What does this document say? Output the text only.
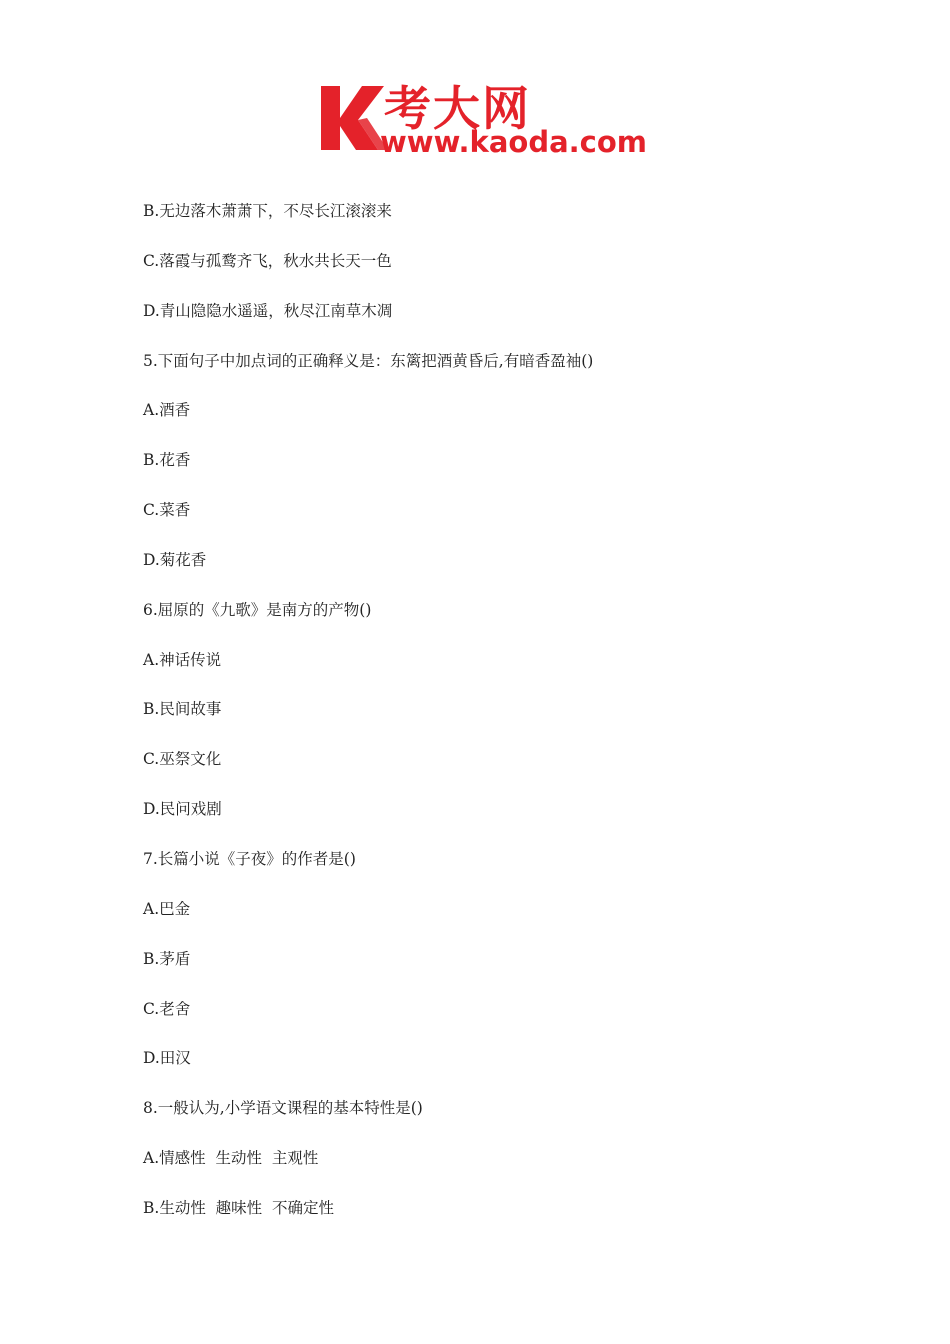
考大网
www.kaoda.com
B.无边落木萧萧下，不尽长江滚滚来
C.落霞与孤鹜齐飞，秋水共长天一色
D.青山隐隐水遥遥，秋尽江南草木凋
5.下面句子中加点词的正确释义是：东篱把酒黄昏后,有暗香盈袖()
A.酒香
B.花香
C.菜香
D.菊花香
6.屈原的《九歌》是南方的产物()
A.神话传说
B.民间故事
C.巫祭文化
D.民问戏剧
7.长篇小说《子夜》的作者是()
A.巴金
B.茅盾
C.老舍
D.田汉
8.一般认为,小学语文课程的基本特性是()
A.情感性  生动性  主观性
B.生动性  趣味性  不确定性
